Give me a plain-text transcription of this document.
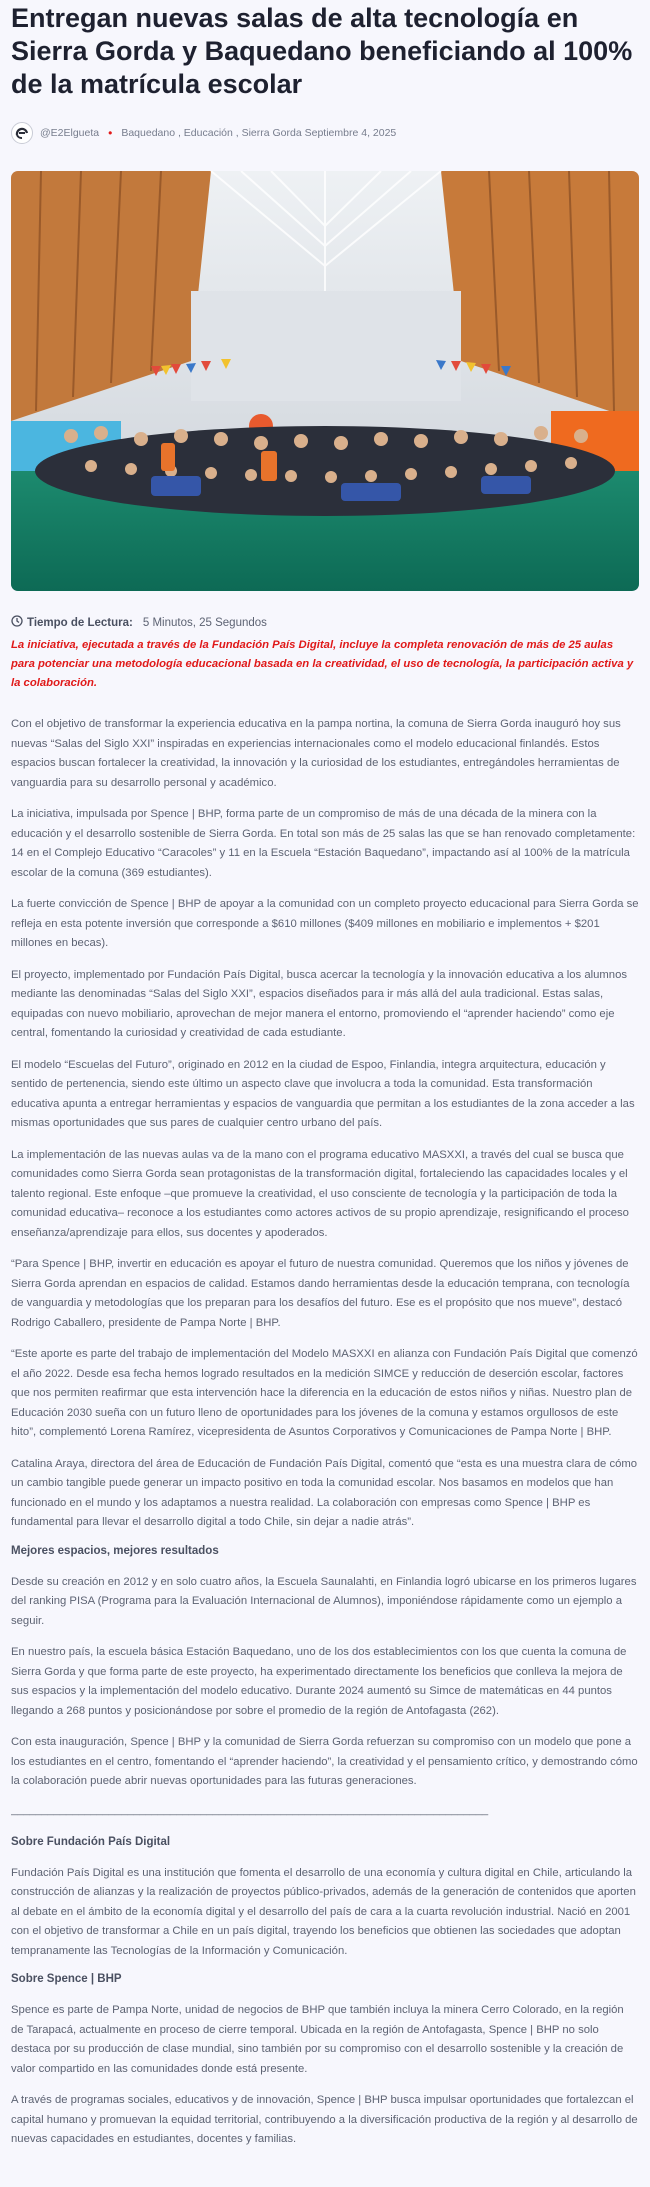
Entregan nuevas salas de alta tecnología en Sierra Gorda y Baquedano beneficiando al 100% de la matrícula escolar
@E2Elgueta • Baquedano , Educación , Sierra Gorda Septiembre 4, 2025
Tiempo de Lectura: 5 Minutos, 25 Segundos

La iniciativa, ejecutada a través de la Fundación País Digital, incluye la completa renovación de más de 25 aulas para potenciar una metodología educacional basada en la creatividad, el uso de tecnología, la participación activa y la colaboración.

Con el objetivo de transformar la experiencia educativa en la pampa nortina, la comuna de Sierra Gorda inauguró hoy sus nuevas “Salas del Siglo XXI” inspiradas en experiencias internacionales como el modelo educacional finlandés. Estos espacios buscan fortalecer la creatividad, la innovación y la curiosidad de los estudiantes, entregándoles herramientas de vanguardia para su desarrollo personal y académico.

La iniciativa, impulsada por Spence | BHP, forma parte de un compromiso de más de una década de la minera con la educación y el desarrollo sostenible de Sierra Gorda. En total son más de 25 salas las que se han renovado completamente: 14 en el Complejo Educativo “Caracoles” y 11 en la Escuela “Estación Baquedano”, impactando así al 100% de la matrícula escolar de la comuna (369 estudiantes).

La fuerte convicción de Spence | BHP de apoyar a la comunidad con un completo proyecto educacional para Sierra Gorda se refleja en esta potente inversión que corresponde a $610 millones ($409 millones en mobiliario e implementos + $201 millones en becas).

El proyecto, implementado por Fundación País Digital, busca acercar la tecnología y la innovación educativa a los alumnos mediante las denominadas “Salas del Siglo XXI”, espacios diseñados para ir más allá del aula tradicional. Estas salas, equipadas con nuevo mobiliario, aprovechan de mejor manera el entorno, promoviendo el “aprender haciendo” como eje central, fomentando la curiosidad y creatividad de cada estudiante.

El modelo “Escuelas del Futuro”, originado en 2012 en la ciudad de Espoo, Finlandia, integra arquitectura, educación y sentido de pertenencia, siendo este último un aspecto clave que involucra a toda la comunidad. Esta transformación educativa apunta a entregar herramientas y espacios de vanguardia que permitan a los estudiantes de la zona acceder a las mismas oportunidades que sus pares de cualquier centro urbano del país.

La implementación de las nuevas aulas va de la mano con el programa educativo MASXXI, a través del cual se busca que comunidades como Sierra Gorda sean protagonistas de la transformación digital, fortaleciendo las capacidades locales y el talento regional. Este enfoque –que promueve la creatividad, el uso consciente de tecnología y la participación de toda la comunidad educativa– reconoce a los estudiantes como actores activos de su propio aprendizaje, resignificando el proceso enseñanza/aprendizaje para ellos, sus docentes y apoderados.

“Para Spence | BHP, invertir en educación es apoyar el futuro de nuestra comunidad. Queremos que los niños y jóvenes de Sierra Gorda aprendan en espacios de calidad. Estamos dando herramientas desde la educación temprana, con tecnología de vanguardia y metodologías que los preparan para los desafíos del futuro. Ese es el propósito que nos mueve”, destacó Rodrigo Caballero, presidente de Pampa Norte | BHP.

“Este aporte es parte del trabajo de implementación del Modelo MASXXI en alianza con Fundación País Digital que comenzó el año 2022. Desde esa fecha hemos logrado resultados en la medición SIMCE y reducción de deserción escolar, factores que nos permiten reafirmar que esta intervención hace la diferencia en la educación de estos niños y niñas. Nuestro plan de Educación 2030 sueña con un futuro lleno de oportunidades para los jóvenes de la comuna y estamos orgullosos de este hito”, complementó Lorena Ramírez, vicepresidenta de Asuntos Corporativos y Comunicaciones de Pampa Norte | BHP.

Catalina Araya, directora del área de Educación de Fundación País Digital, comentó que “esta es una muestra clara de cómo un cambio tangible puede generar un impacto positivo en toda la comunidad escolar. Nos basamos en modelos que han funcionado en el mundo y los adaptamos a nuestra realidad. La colaboración con empresas como Spence | BHP es fundamental para llevar el desarrollo digital a todo Chile, sin dejar a nadie atrás”.

Mejores espacios, mejores resultados

Desde su creación en 2012 y en solo cuatro años, la Escuela Saunalahti, en Finlandia logró ubicarse en los primeros lugares del ranking PISA (Programa para la Evaluación Internacional de Alumnos), imponiéndose rápidamente como un ejemplo a seguir.

En nuestro país, la escuela básica Estación Baquedano, uno de los dos establecimientos con los que cuenta la comuna de Sierra Gorda y que forma parte de este proyecto, ha experimentado directamente los beneficios que conlleva la mejora de sus espacios y la implementación del modelo educativo. Durante 2024 aumentó su Simce de matemáticas en 44 puntos llegando a 268 puntos y posicionándose por sobre el promedio de la región de Antofagasta (262).

Con esta inauguración, Spence | BHP y la comunidad de Sierra Gorda refuerzan su compromiso con un modelo que pone a los estudiantes en el centro, fomentando el “aprender haciendo”, la creatividad y el pensamiento crítico, y demostrando cómo la colaboración puede abrir nuevas oportunidades para las futuras generaciones.

______________________________________________________________________________
Sobre Fundación País Digital

Fundación País Digital es una institución que fomenta el desarrollo de una economía y cultura digital en Chile, articulando la construcción de alianzas y la realización de proyectos público-privados, además de la generación de contenidos que aporten al debate en el ámbito de la economía digital y el desarrollo del país de cara a la cuarta revolución industrial. Nació en 2001 con el objetivo de transformar a Chile en un país digital, trayendo los beneficios que obtienen las sociedades que adoptan tempranamente las Tecnologías de la Información y Comunicación.

Sobre Spence | BHP

Spence es parte de Pampa Norte, unidad de negocios de BHP que también incluya la minera Cerro Colorado, en la región de Tarapacá, actualmente en proceso de cierre temporal. Ubicada en la región de Antofagasta, Spence | BHP no solo destaca por su producción de clase mundial, sino también por su compromiso con el desarrollo sostenible y la creación de valor compartido en las comunidades donde está presente.

A través de programas sociales, educativos y de innovación, Spence | BHP busca impulsar oportunidades que fortalezcan el capital humano y promuevan la equidad territorial, contribuyendo a la diversificación productiva de la región y al desarrollo de nuevas capacidades en estudiantes, docentes y familias.
